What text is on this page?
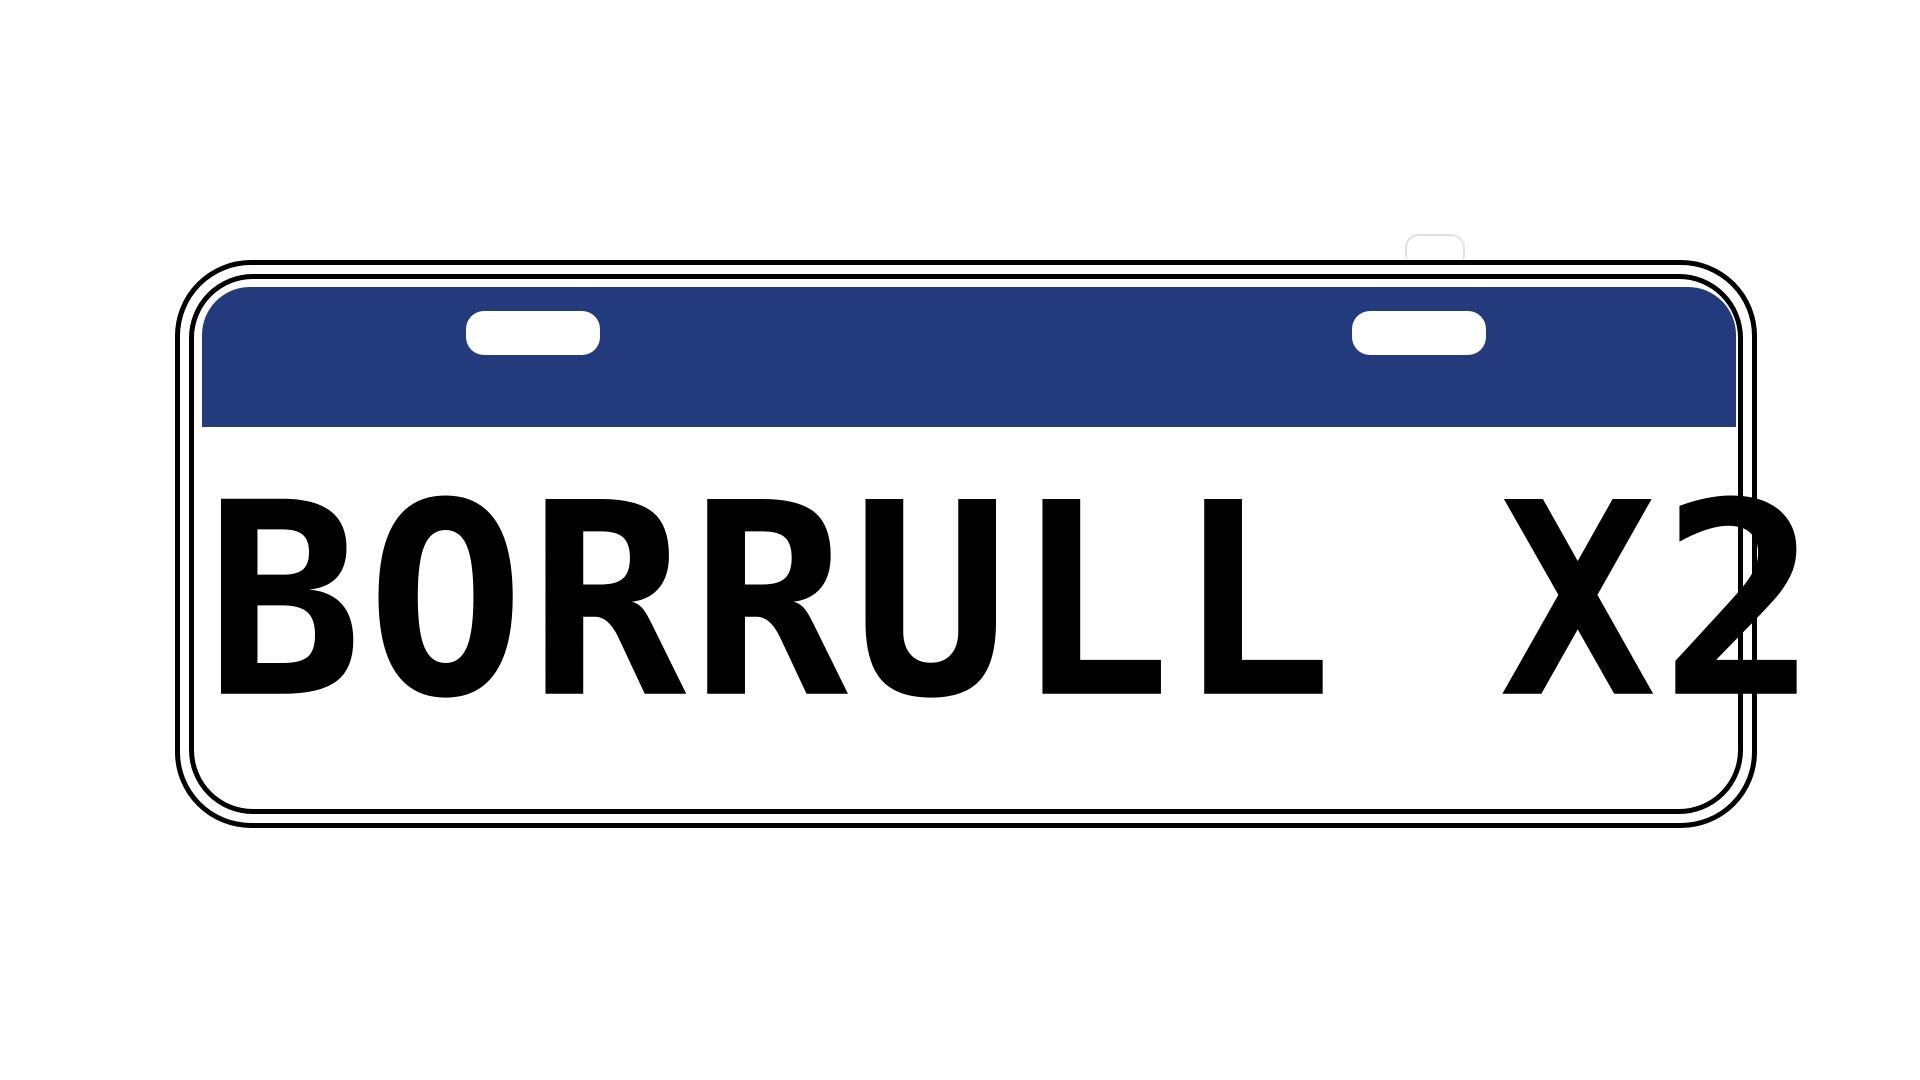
BORRULL X2
